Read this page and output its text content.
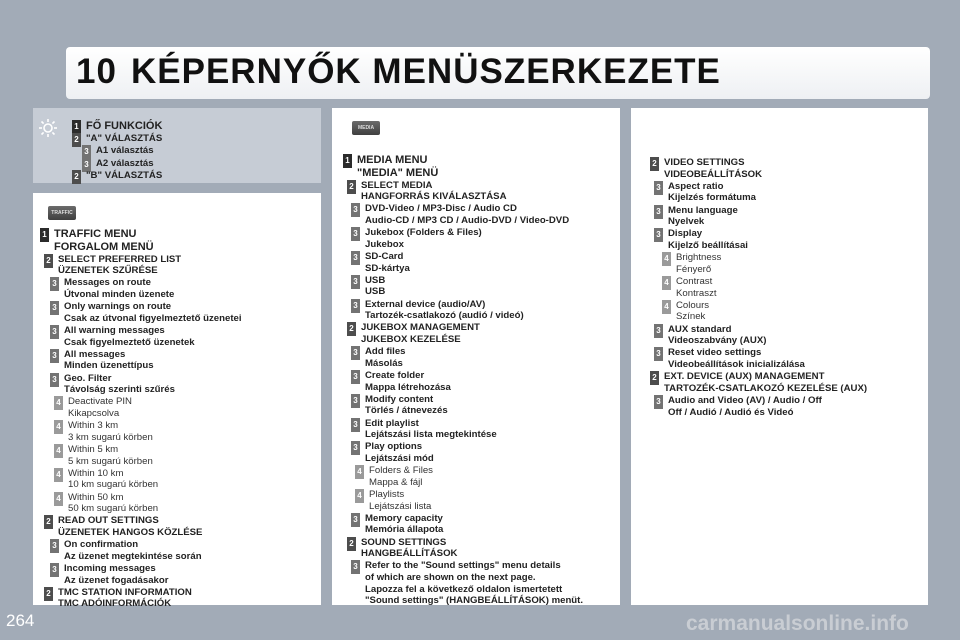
10 KÉPERNYŐK MENÜSZERKEZETE
1 FŐ FUNKCIÓK
2 "A" VÁLASZTÁS
3 A1 választás
3 A2 választás
2 "B" VÁLASZTÁS
TRAFFIC
1 TRAFFIC MENU
FORGALOM MENÜ
2 SELECT PREFERRED LIST
ÜZENETEK SZŰRÉSE
3 Messages on route
Útvonal minden üzenete
3 Only warnings on route
Csak az útvonal figyelmeztető üzenetei
3 All warning messages
Csak figyelmeztető üzenetek
3 All messages
Minden üzenettípus
3 Geo. Filter
Távolság szerinti szűrés
4 Deactivate PIN
Kikapcsolva
4 Within 3 km
3 km sugarú körben
4 Within 5 km
5 km sugarú körben
4 Within 10 km
10 km sugarú körben
4 Within 50 km
50 km sugarú körben
2 READ OUT SETTINGS
ÜZENETEK HANGOS KÖZLÉSE
3 On confirmation
Az üzenet megtekintése során
3 Incoming messages
Az üzenet fogadásakor
2 TMC STATION INFORMATION
TMC ADÓINFORMÁCIÓK
MEDIA
1 MEDIA MENU
"MEDIA" MENÜ
2 SELECT MEDIA
HANGFORRÁS KIVÁLASZTÁSA
3 DVD-Video / MP3-Disc / Audio CD
Audio-CD / MP3 CD / Audio-DVD / Video-DVD
3 Jukebox (Folders & Files)
Jukebox
3 SD-Card
SD-kártya
3 USB
USB
3 External device (audio/AV)
Tartozék-csatlakozó (audió / videó)
2 JUKEBOX MANAGEMENT
JUKEBOX KEZELÉSE
3 Add files
Másolás
3 Create folder
Mappa létrehozása
3 Modify content
Törlés / átnevezés
3 Edit playlist
Lejátszási lista megtekintése
3 Play options
Lejátszási mód
4 Folders & Files
Mappa & fájl
4 Playlists
Lejátszási lista
3 Memory capacity
Memória állapota
2 SOUND SETTINGS
HANGBEÁLLÍTÁSOK
3 Refer to the "Sound settings" menu details
of which are shown on the next page.
Lapozza fel a következő oldalon ismertetett
"Sound settings" (HANGBEÁLLÍTÁSOK) menüt.
2 VIDEO SETTINGS
VIDEOBEÁLLÍTÁSOK
3 Aspect ratio
Kijelzés formátuma
3 Menu language
Nyelvek
3 Display
Kijelző beállításai
4 Brightness
Fényerő
4 Contrast
Kontraszt
4 Colours
Színek
3 AUX standard
Videoszabvány (AUX)
3 Reset video settings
Videobeállítások inicializálása
2 EXT. DEVICE (AUX) MANAGEMENT
TARTOZÉK-CSATLAKOZÓ KEZELÉSE (AUX)
3 Audio and Video (AV) / Audio / Off
Off / Audió / Audió és Videó
264	carmanualsonline.info
